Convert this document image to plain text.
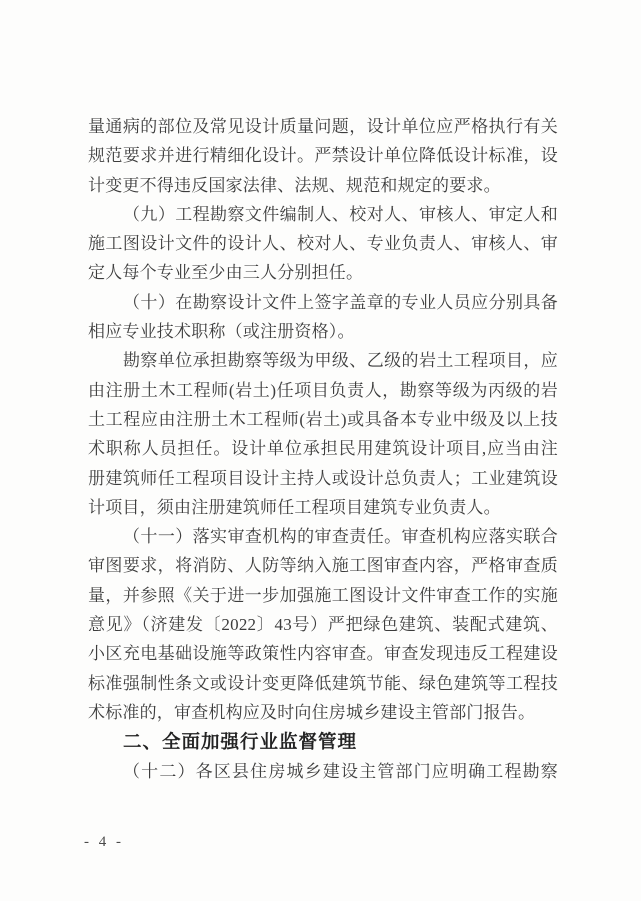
量通病的部位及常见设计质量问题，设计单位应严格执行有关
规范要求并进行精细化设计。严禁设计单位降低设计标准，设
计变更不得违反国家法律、法规、规范和规定的要求。
（九）工程勘察文件编制人、校对人、审核人、审定人和
施工图设计文件的设计人、校对人、专业负责人、审核人、审
定人每个专业至少由三人分别担任。
（十）在勘察设计文件上签字盖章的专业人员应分别具备
相应专业技术职称（或注册资格）。
勘察单位承担勘察等级为甲级、乙级的岩土工程项目，应
由注册土木工程师(岩土)任项目负责人，勘察等级为丙级的岩
土工程应由注册土木工程师(岩土)或具备本专业中级及以上技
术职称人员担任。设计单位承担民用建筑设计项目,应当由注
册建筑师任工程项目设计主持人或设计总负责人；工业建筑设
计项目，须由注册建筑师任工程项目建筑专业负责人。
（十一）落实审查机构的审查责任。审查机构应落实联合
审图要求，将消防、人防等纳入施工图审查内容，严格审查质
量，并参照《关于进一步加强施工图设计文件审查工作的实施
意见》（济建发〔2022〕43号）严把绿色建筑、装配式建筑、
小区充电基础设施等政策性内容审查。审查发现违反工程建设
标准强制性条文或设计变更降低建筑节能、绿色建筑等工程技
术标准的，审查机构应及时向住房城乡建设主管部门报告。
二、全面加强行业监督管理
（十二）各区县住房城乡建设主管部门应明确工程勘察
- 4 -
